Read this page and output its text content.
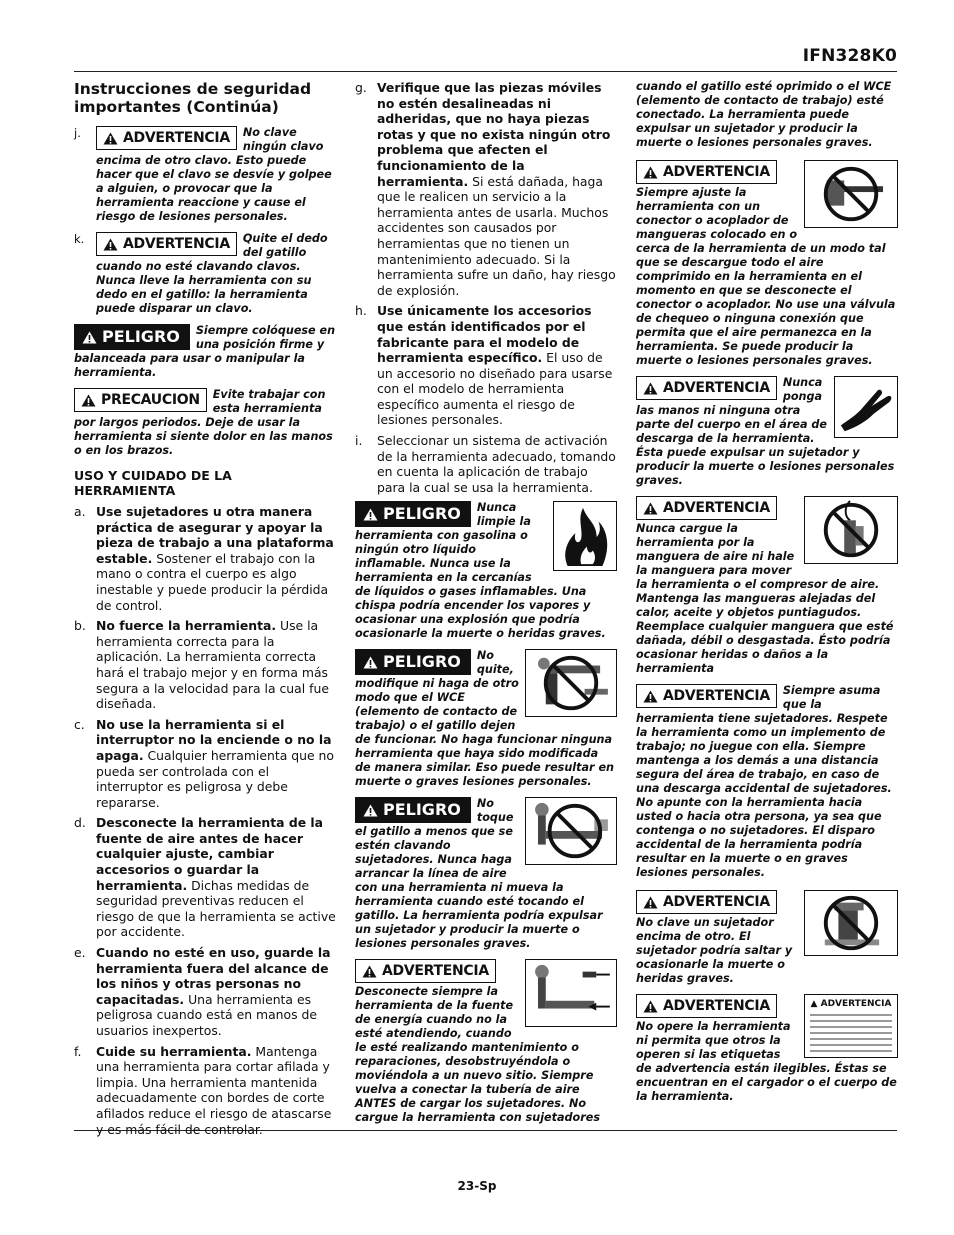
IFN328K0
23-Sp
Instrucciones de seguridad importantes (Continúa)
j.	ADVERTENCIA No clave ningún clavo encima de otro clavo. Esto puede hacer que el clavo se desvíe y golpee a alguien, o provocar que la herramienta reaccione y cause el riesgo de lesiones personales.
k.	ADVERTENCIA Quite el dedo del gatillo cuando no esté clavando clavos. Nunca lleve la herramienta con su dedo en el gatillo: la herramienta puede disparar un clavo.
PELIGRO Siempre colóquese en una posición firme y balanceada para usar o manipular la herramienta.
PRECAUCION Evite trabajar con esta herramienta por largos periodos. Deje de usar la herramienta si siente dolor en las manos o en los brazos.
USO Y CUIDADO DE LA HERRAMIENTA
a. Use sujetadores u otra manera práctica de asegurar y apoyar la pieza de trabajo a una plataforma estable. Sostener el trabajo con la mano o contra el cuerpo es algo inestable y puede producir la pérdida de control.
b. No fuerce la herramienta. Use la herramienta correcta para la aplicación. La herramienta correcta hará el trabajo mejor y en forma más segura a la velocidad para la cual fue diseñada.
c. No use la herramienta si el interruptor no la enciende o no la apaga. Cualquier herramienta que no pueda ser controlada con el interruptor es peligrosa y debe repararse.
d. Desconecte la herramienta de la fuente de aire antes de hacer cualquier ajuste, cambiar accesorios o guardar la herramienta. Dichas medidas de seguridad preventivas reducen el riesgo de que la herramienta se active por accidente.
e. Cuando no esté en uso, guarde la herramienta fuera del alcance de los niños y otras personas no capacitadas. Una herramienta es peligrosa cuando está en manos de usuarios inexpertos.
f. Cuide su herramienta. Mantenga una herramienta para cortar afilada y limpia. Una herramienta mantenida adecuadamente con bordes de corte afilados reduce el riesgo de atascarse y es más fácil de controlar.
g. Verifique que las piezas móviles no estén desalineadas ni adheridas, que no haya piezas rotas y que no exista ningún otro problema que afecten el funcionamiento de la herramienta. Si está dañada, haga que le realicen un servicio a la herramienta antes de usarla. Muchos accidentes son causados por herramientas que no tienen un mantenimiento adecuado. Si la herramienta sufre un daño, hay riesgo de explosión.
h. Use únicamente los accesorios que están identificados por el fabricante para el modelo de herramienta específico. El uso de un accesorio no diseñado para usarse con el modelo de herramienta específico aumenta el riesgo de lesiones personales.
i. Seleccionar un sistema de activación de la herramienta adecuado, tomando en cuenta la aplicación de trabajo para la cual se usa la herramienta.
PELIGRO Nunca limpie la herramienta con gasolina o ningún otro líquido inflamable. Nunca use la herramienta en la cercanías de líquidos o gases inflamables. Una chispa podría encender los vapores y ocasionar una explosión que podría ocasionarle la muerte o heridas graves.
PELIGRO No quite, modifique ni haga de otro modo que el WCE (elemento de contacto de trabajo) o el gatillo dejen de funcionar. No haga funcionar ninguna herramienta que haya sido modificada de manera similar. Eso puede resultar en muerte o graves lesiones personales.
PELIGRO No toque el gatillo a menos que se estén clavando sujetadores. Nunca haga arrancar la línea de aire con una herramienta ni mueva la herramienta cuando esté tocando el gatillo. La herramienta podría expulsar un sujetador y producir la muerte o lesiones personales graves.
ADVERTENCIA
Desconecte siempre la herramienta de la fuente de energía cuando no la esté atendiendo, cuando le esté realizando mantenimiento o reparaciones, desobstruyéndola o moviéndola a un nuevo sitio. Siempre vuelva a conectar la tubería de aire ANTES de cargar los sujetadores. No cargue la herramienta con sujetadores
cuando el gatillo esté oprimido o el WCE (elemento de contacto de trabajo) esté conectado. La herramienta puede expulsar un sujetador y producir la muerte o lesiones personales graves.
ADVERTENCIA
Siempre ajuste la herramienta con un conector o acoplador de mangueras colocado en o cerca de la herramienta de un modo tal que se descargue todo el aire comprimido en la herramienta en el momento en que se desconecte el conector o acoplador. No use una válvula de chequeo o ninguna conexión que permita que el aire permanezca en la herramienta. Se puede producir la muerte o lesiones personales graves.
ADVERTENCIA Nunca ponga las manos ni ninguna otra parte del cuerpo en el área de descarga de la herramienta. Ésta puede expulsar un sujetador y producir la muerte o lesiones personales graves.
ADVERTENCIA
Nunca cargue la herramienta por la manguera de aire ni hale la manguera para mover la herramienta o el compresor de aire. Mantenga las mangueras alejadas del calor, aceite y objetos puntiagudos. Reemplace cualquier manguera que esté dañada, débil o desgastada. Ésto podría ocasionar heridas o daños a la herramienta
ADVERTENCIA Siempre asuma que la herramienta tiene sujetadores. Respete la herramienta como un implemento de trabajo; no juegue con ella. Siempre mantenga a los demás a una distancia segura del área de trabajo, en caso de una descarga accidental de sujetadores. No apunte con la herramienta hacia usted o hacia otra persona, ya sea que contenga o no sujetadores. El disparo accidental de la herramienta podría resultar en la muerte o en graves lesiones personales.
ADVERTENCIA
No clave un sujetador encima de otro. El sujetador podría saltar y ocasionarle la muerte o heridas graves.
▲ ADVERTENCIA
ADVERTENCIA
No opere la herramienta ni permita que otros la operen si las etiquetas de advertencia están ilegibles. Éstas se encuentran en el cargador o el cuerpo de la herramienta.
